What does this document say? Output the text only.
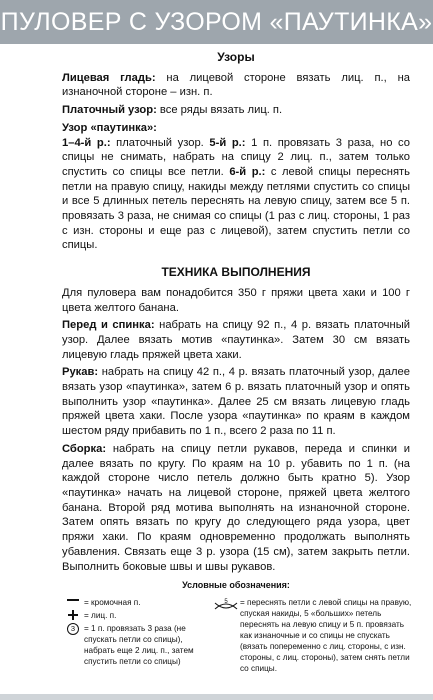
ПУЛОВЕР С УЗОРОМ «ПАУТИНКА»
Узоры

Лицевая гладь: на лицевой стороне вязать лиц. п., на изнаночной стороне – изн. п.

Платочный узор: все ряды вязать лиц. п.

Узор «паутинка»:

1–4-й р.: платочный узор. 5-й р.: 1 п. провязать 3 раза, но со спицы не снимать, набрать на спицу 2 лиц. п., затем только спустить со спицы все петли. 6-й р.: с левой спицы переснять петли на правую спицу, накиды между петлями спустить со спицы и все 5 длинных петель переснять на левую спицу, затем все 5 п. провязать 3 раза, не снимая со спицы (1 раз с лиц. стороны, 1 раз с изн. стороны и еще раз с лицевой), затем спустить петли со спицы.

ТЕХНИКА ВЫПОЛНЕНИЯ

Для пуловера вам понадобится 350 г пряжи цвета хаки и 100 г цвета желтого банана.

Перед и спинка: набрать на спицу 92 п., 4 р. вязать платочный узор. Далее вязать мотив «паутинка». Затем 30 см вязать лицевую гладь пряжей цвета хаки.

Рукав: набрать на спицу 42 п., 4 р. вязать платочный узор, далее вязать узор «паутинка», затем 6 р. вязать платочный узор и опять выполнить узор «паутинка». Далее 25 см вязать лицевую гладь пряжей цвета хаки. После узора «паутинка» по краям в каждом шестом ряду прибавить по 1 п., всего 2 раза по 11 п.

Сборка: набрать на спицу петли рукавов, переда и спинки и далее вязать по кругу. По краям на 10 р. убавить по 1 п. (на каждой стороне число петель должно быть кратно 5). Узор «паутинка» начать на лицевой стороне, пряжей цвета желтого банана. Второй ряд мотива выполнять на изнаночной стороне. Затем опять вязать по кругу до следующего ряда узора, цвет пряжи хаки. По краям одновременно продолжать выполнять убавления. Связать еще 3 р. узора (15 см), затем закрыть петли. Выполнить боковые швы и швы рукавов.

Условные обозначения:
= кромочная п.
= лиц. п.
3	= 1 п. провязать 3 раза (не спускать петли со спицы), набрать еще 2 лиц. п., затем спустить петли со спицы)
5 = переснять петли с левой спицы на правую, спуская накиды, 5 «больших» петель переснять на левую спицу и 5 п. провязать как изнаночные и со спицы не спускать (вязать попеременно с лиц. стороны, с изн. стороны, с лиц. стороны), затем снять петли со спицы.
